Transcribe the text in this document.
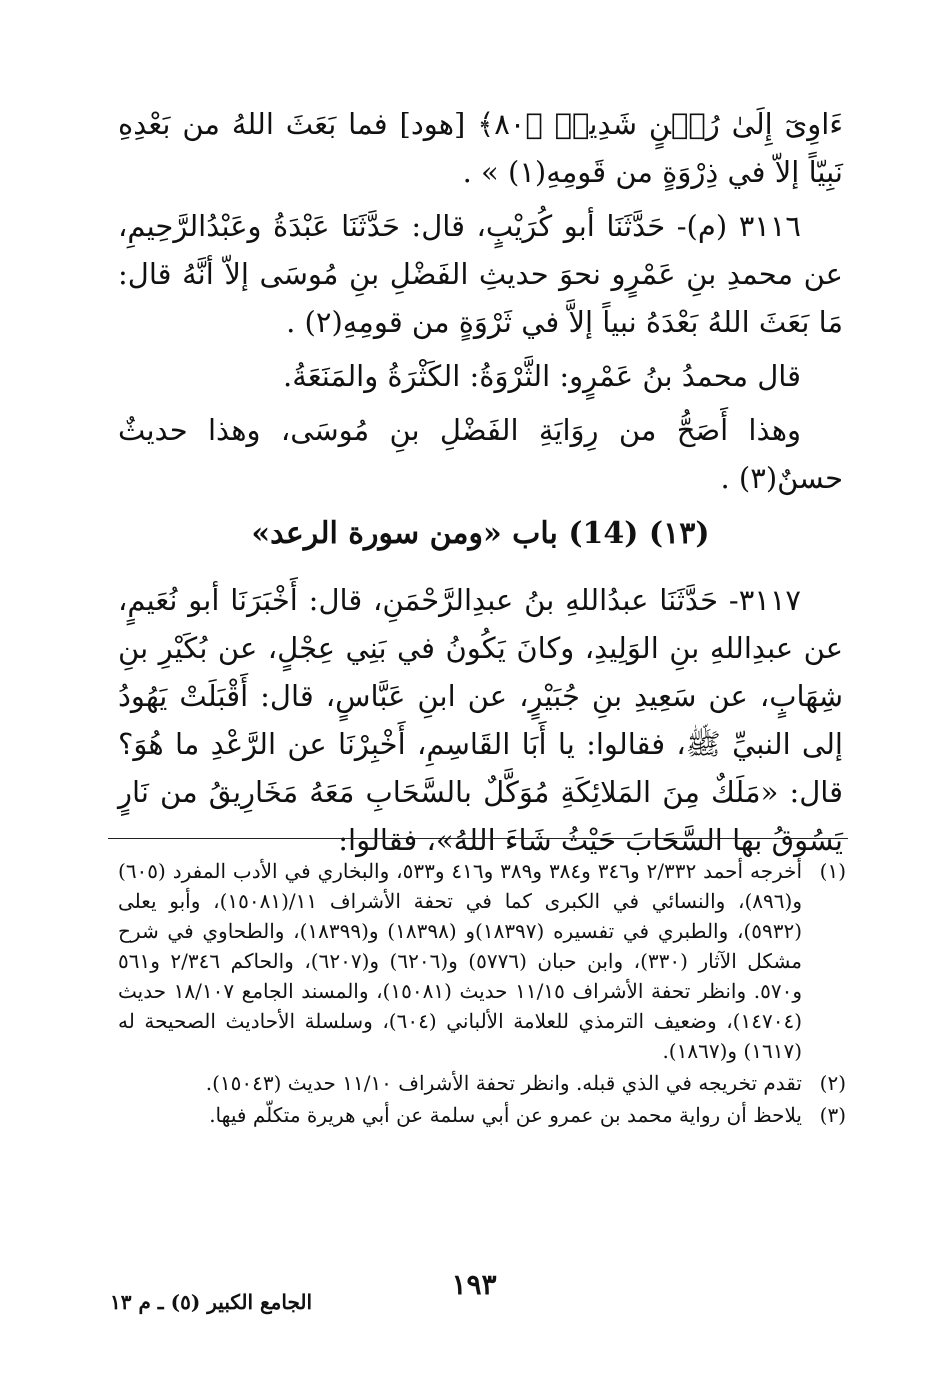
ءَاوِىٓ إِلَىٰ رُكۡنٍ شَدِيدٖ ﴿٨٠﴾ [هود] فما بَعَثَ اللهُ من بَعْدِهِ نَبِيّاً إلاّ في ذِرْوَةٍ من قَومِهِ(١) » .

٣١١٦ (م)- حَدَّثَنَا أبو كُرَيْبٍ، قال: حَدَّثَنَا عَبْدَةُ وعَبْدُالرَّحِيمِ، عن محمدِ بنِ عَمْرٍو نحوَ حديثِ الفَضْلِ بنِ مُوسَى إلاّ أنَّهُ قال: مَا بَعَثَ اللهُ بَعْدَهُ نبياً إلاَّ في ثَرْوَةٍ من قومِهِ(٢) .

قال محمدُ بنُ عَمْرٍو: الثَّرْوَةُ: الكَثْرَةُ والمَنَعَةُ.

وهذا أَصَحُّ من رِوَايَةِ الفَضْلِ بنِ مُوسَى، وهذا حديثٌ حسنٌ(٣) .

(١٣) (14) باب «ومن سورة الرعد»

٣١١٧- حَدَّثَنَا عبدُاللهِ بنُ عبدِالرَّحْمَنِ، قال: أَخْبَرَنَا أبو نُعَيمٍ، عن عبدِاللهِ بنِ الوَلِيدِ، وكانَ يَكُونُ في بَنِي عِجْلٍ، عن بُكَيْرِ بنِ شِهَابٍ، عن سَعِيدِ بنِ جُبَيْرٍ، عن ابنِ عَبَّاسٍ، قال: أَقْبَلَتْ يَهُودُ إلى النبيِّ ﷺ، فقالوا: يا أَبَا القَاسِمِ، أَخْبِرْنَا عن الرَّعْدِ ما هُوَ؟ قال: «مَلَكٌ مِنَ المَلائِكَةِ مُوَكَّلٌ بالسَّحَابِ مَعَهُ مَخَارِيقُ من نَارٍ يَسُوقُ بها السَّحَابَ حَيْثُ شَاءَ اللهُ»، فقالوا:

(١)
أخرجه أحمد ٢/٣٣٢ و٣٤٦ و٣٨٤ و٣٨٩ و٤١٦ و٥٣٣، والبخاري في الأدب المفرد (٦٠٥) و(٨٩٦)، والنسائي في الكبرى كما في تحفة الأشراف ١١/(١٥٠٨١)، وأبو يعلى (٥٩٣٢)، والطبري في تفسيره (١٨٣٩٧)و (١٨٣٩٨) و(١٨٣٩٩)، والطحاوي في شرح مشكل الآثار (٣٣٠)، وابن حبان (٥٧٧٦) و(٦٢٠٦) و(٦٢٠٧)، والحاكم ٢/٣٤٦ و٥٦١ و٥٧٠. وانظر تحفة الأشراف ١١/١٥ حديث (١٥٠٨١)، والمسند الجامع ١٨/١٠٧ حديث (١٤٧٠٤)، وضعيف الترمذي للعلامة الألباني (٦٠٤)، وسلسلة الأحاديث الصحيحة له (١٦١٧) و(١٨٦٧).
(٢)
تقدم تخريجه في الذي قبله. وانظر تحفة الأشراف ١١/١٠ حديث (١٥٠٤٣).
(٣)
يلاحظ أن رواية محمد بن عمرو عن أبي سلمة عن أبي هريرة متكلّم فيها.
١٩٣
الجامع الكبير (٥) ـ م ١٣
